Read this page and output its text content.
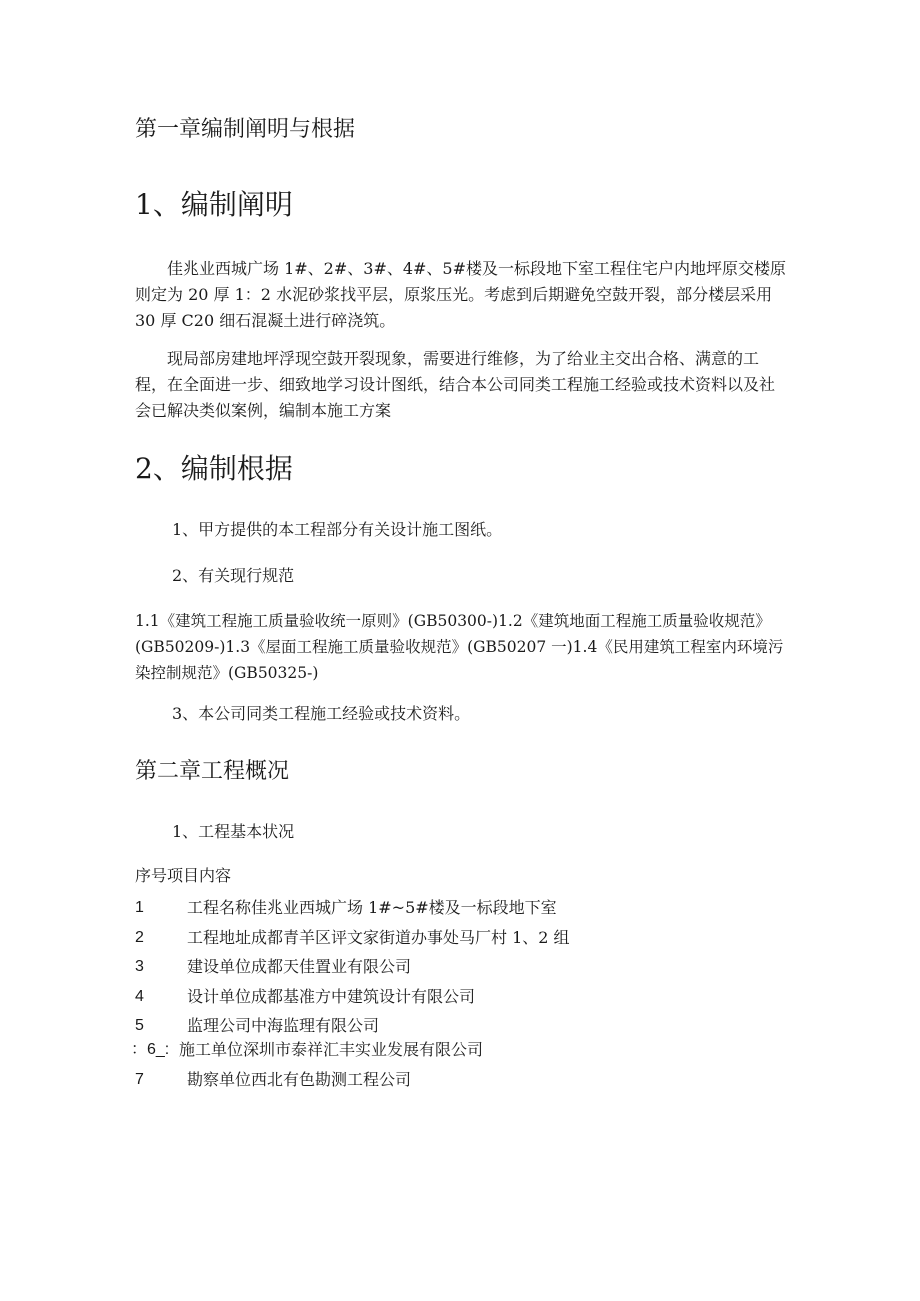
第一章编制阐明与根据
1、编制阐明
佳兆业西城广场 1#、2#、3#、4#、5#楼及一标段地下室工程住宅户内地坪原交楼原则定为 20 厚 1：2 水泥砂浆找平层，原浆压光。考虑到后期避免空鼓开裂，部分楼层采用 30 厚 C20 细石混凝土进行碎浇筑。
现局部房建地坪浮现空鼓开裂现象，需要进行维修，为了给业主交出合格、满意的工程，在全面进一步、细致地学习设计图纸，结合本公司同类工程施工经验或技术资料以及社会已解决类似案例，编制本施工方案
2、编制根据
1、甲方提供的本工程部分有关设计施工图纸。
2、有关现行规范
1.1《建筑工程施工质量验收统一原则》(GB50300-)1.2《建筑地面工程施工质量验收规范》(GB50209-)1.3《屋面工程施工质量验收规范》(GB50207 一)1.4《民用建筑工程室内环境污染控制规范》(GB50325-)
3、本公司同类工程施工经验或技术资料。
第二章工程概况
1、工程基本状况
序号项目内容
1	工程名称佳兆业西城广场 1#~5#楼及一标段地下室
2	工程地址成都青羊区评文家街道办事处马厂村 1、2 组
3	建设单位成都天佳置业有限公司
4	设计单位成都基准方中建筑设计有限公司
5	监理公司中海监理有限公司
：6_: 施工单位深圳市泰祥汇丰实业发展有限公司
7	勘察单位西北有色勘测工程公司
